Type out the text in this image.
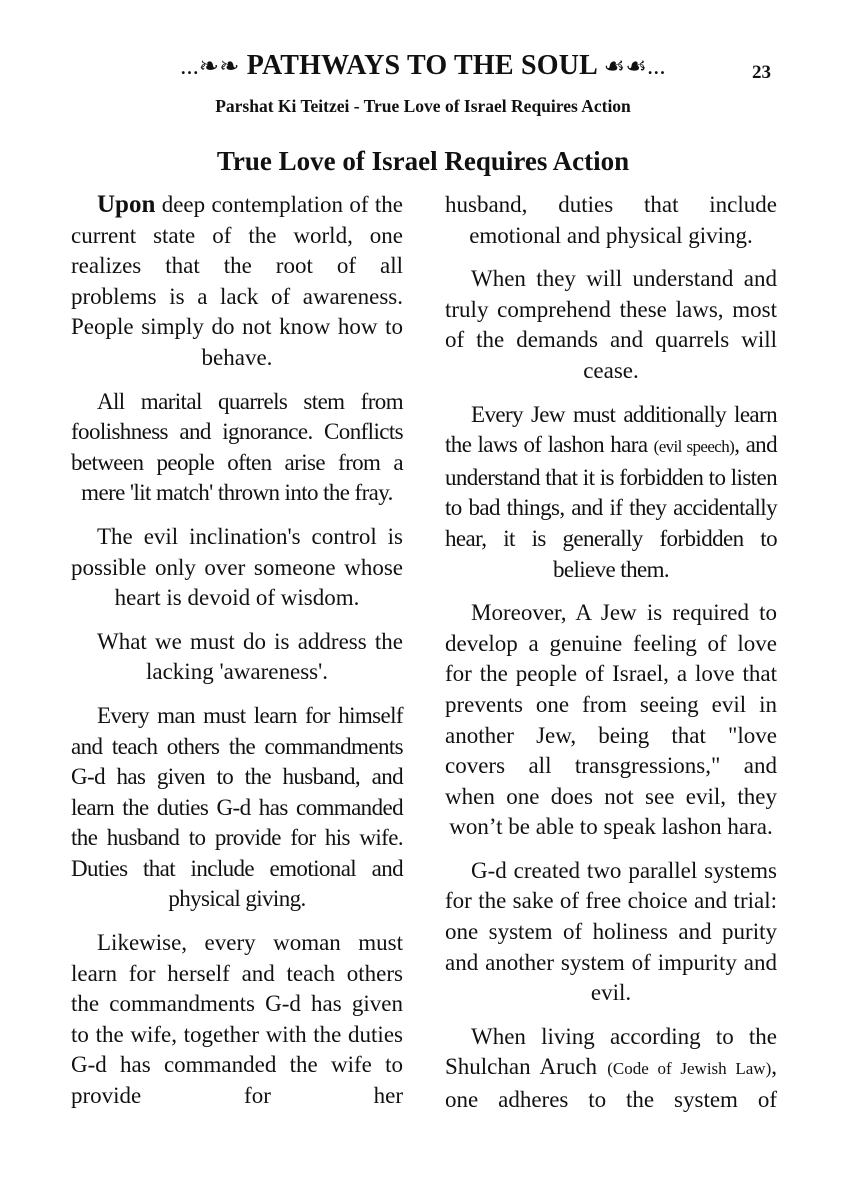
...❧❧ PATHWAYS TO THE SOUL ☙☙...	23
Parshat Ki Teitzei - True Love of Israel Requires Action
True Love of Israel Requires Action

Upon deep contemplation of the current state of the world, one realizes that the root of all problems is a lack of awareness. People simply do not know how to behave.

All marital quarrels stem from foolishness and ignorance. Conflicts between people often arise from a mere 'lit match' thrown into the fray.

The evil inclination's control is possible only over someone whose heart is devoid of wisdom.

What we must do is address the lacking 'awareness'.

Every man must learn for himself and teach others the commandments G-d has given to the husband, and learn the duties G-d has commanded the husband to provide for his wife. Duties that include emotional and physical giving.

Likewise, every woman must learn for herself and teach others the commandments G-d has given to the wife, together with the duties G-d has commanded the wife to provide for her

husband, duties that include emotional and physical giving.

When they will understand and truly comprehend these laws, most of the demands and quarrels will cease.

Every Jew must additionally learn the laws of lashon hara (evil speech), and understand that it is forbidden to listen to bad things, and if they accidentally hear, it is generally forbidden to believe them.

Moreover, A Jew is required to develop a genuine feeling of love for the people of Israel, a love that prevents one from seeing evil in another Jew, being that "love covers all transgressions," and when one does not see evil, they won’t be able to speak lashon hara.

G-d created two parallel systems for the sake of free choice and trial: one system of holiness and purity and another system of impurity and evil.

When living according to the Shulchan Aruch (Code of Jewish Law), one adheres to the system of
